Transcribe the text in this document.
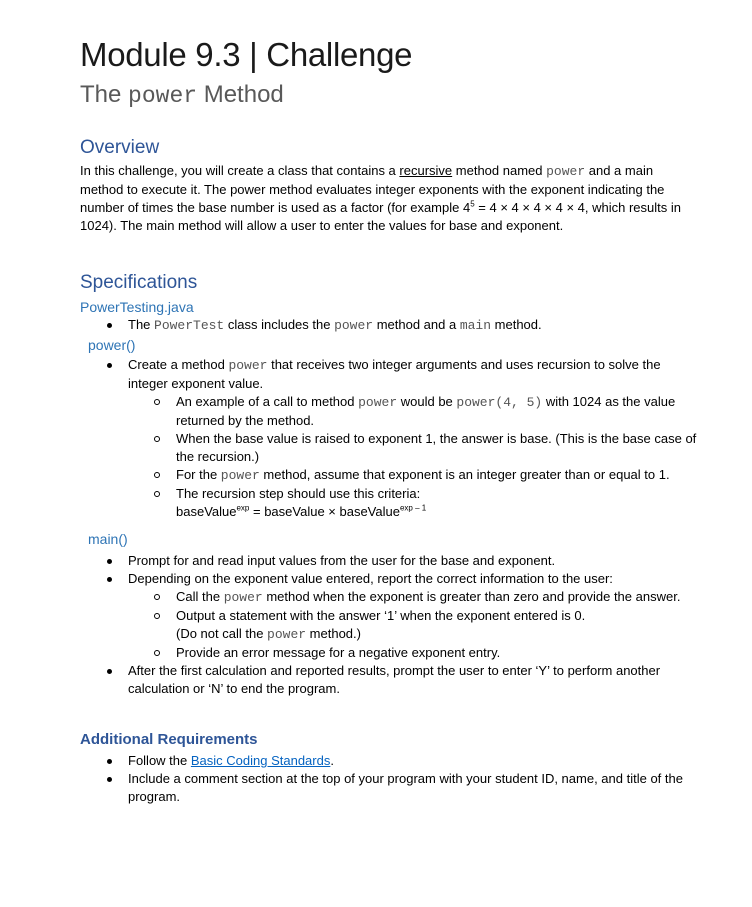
Module 9.3 | Challenge
The power Method
Overview

In this challenge, you will create a class that contains a recursive method named power and a main method to execute it. The power method evaluates integer exponents with the exponent indicating the number of times the base number is used as a factor (for example $4^5 = 4 \times 4 \times 4 \times 4 \times 4$, which results in 1024). The main method will allow a user to enter the values for base and exponent.

Specifications
PowerTesting.java
The PowerTest class includes the power method and a main method.
power()
Create a method power that receives two integer arguments and uses recursion to solve the integer exponent value.
An example of a call to method power would be power(4, 5) with 1024 as the value returned by the method.
When the base value is raised to exponent 1, the answer is base. (This is the base case of the recursion.)
For the power method, assume that exponent is an integer greater than or equal to 1.
The recursion step should use this criteria:
baseValue$^{exp}$ = baseValue × baseValue$^{exp - 1}$
main()
Prompt for and read input values from the user for the base and exponent.
Depending on the exponent value entered, report the correct information to the user:
Call the power method when the exponent is greater than zero and provide the answer.
Output a statement with the answer ‘1’ when the exponent entered is 0.
(Do not call the power method.)
Provide an error message for a negative exponent entry.
After the first calculation and reported results, prompt the user to enter ‘Y’ to perform another calculation or ‘N’ to end the program.
Additional Requirements
Follow the Basic Coding Standards.
Include a comment section at the top of your program with your student ID, name, and title of the program.
